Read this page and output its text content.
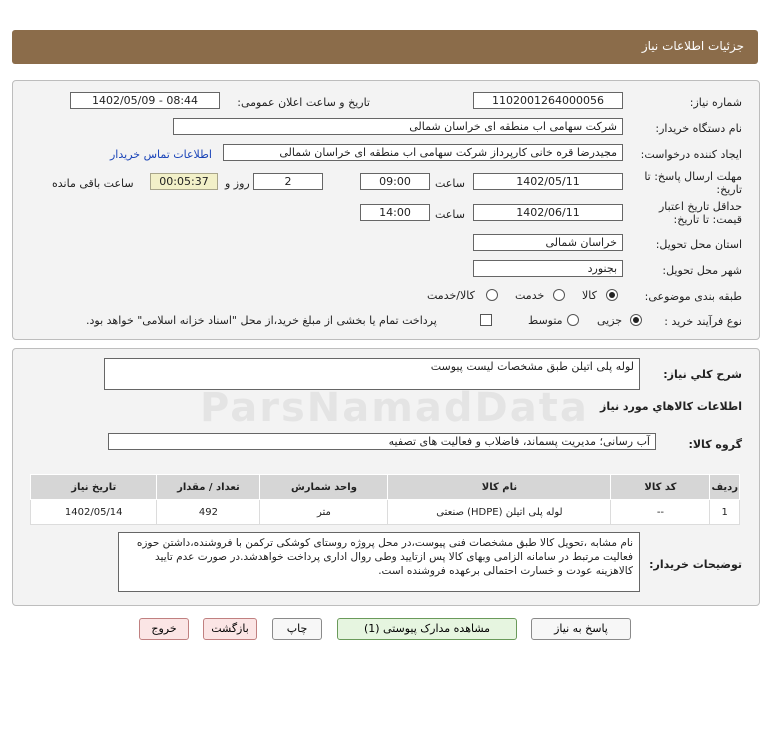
جزئیات اطلاعات نیاز
شماره نیاز:
1102001264000056
تاریخ و ساعت اعلان عمومی:
1402/05/09 - 08:44
نام دستگاه خریدار:
شرکت سهامی اب منطقه ای خراسان شمالی
ایجاد کننده درخواست:
مجیدرضا قره خانی کارپرداز شرکت سهامی اب منطقه ای خراسان شمالی
اطلاعات تماس خریدار
مهلت ارسال پاسخ: تا
تاریخ:
1402/05/11
ساعت
09:00
2
روز و
00:05:37
ساعت باقی مانده
حداقل تاریخ اعتبار
قیمت: تا تاریخ:
1402/06/11
ساعت
14:00
استان محل تحویل:
خراسان شمالی
شهر محل تحویل:
بجنورد
طبقه بندی موضوعی:
کالا
خدمت
کالا/خدمت
نوع فرآیند خرید :
جزیی
متوسط
پرداخت تمام یا بخشی از مبلغ خرید،از محل "اسناد خزانه اسلامی" خواهد بود.
شرح کلي نياز:
لوله پلی اتیلن طبق مشخصات لیست پیوست
اطلاعات کالاهاي مورد نياز
گروه کالا:
آب رسانی؛ مدیریت پسماند، فاضلاب و فعالیت های تصفیه
ردیف	کد کالا	نام کالا	واحد شمارش	تعداد / مقدار	تاریخ نیاز
1	--	لوله پلی اتیلن (HDPE) صنعتی	متر	492	1402/05/14
توضیحات خریدار:
نام مشابه ،تحویل کالا طبق مشخصات فنی پیوست،در محل پروژه روستای کوشکی ترکمن با فروشنده،داشتن حوزه فعالیت مرتبط در سامانه الزامی وبهای کالا پس ازتایید وطی روال اداری پرداخت خواهدشد.در صورت عدم تایید کالاهزینه عودت و خسارت احتمالی برعهده فروشنده است.
پاسخ به نیاز
مشاهده مدارک پیوستی (1)
چاپ
بازگشت
خروج
